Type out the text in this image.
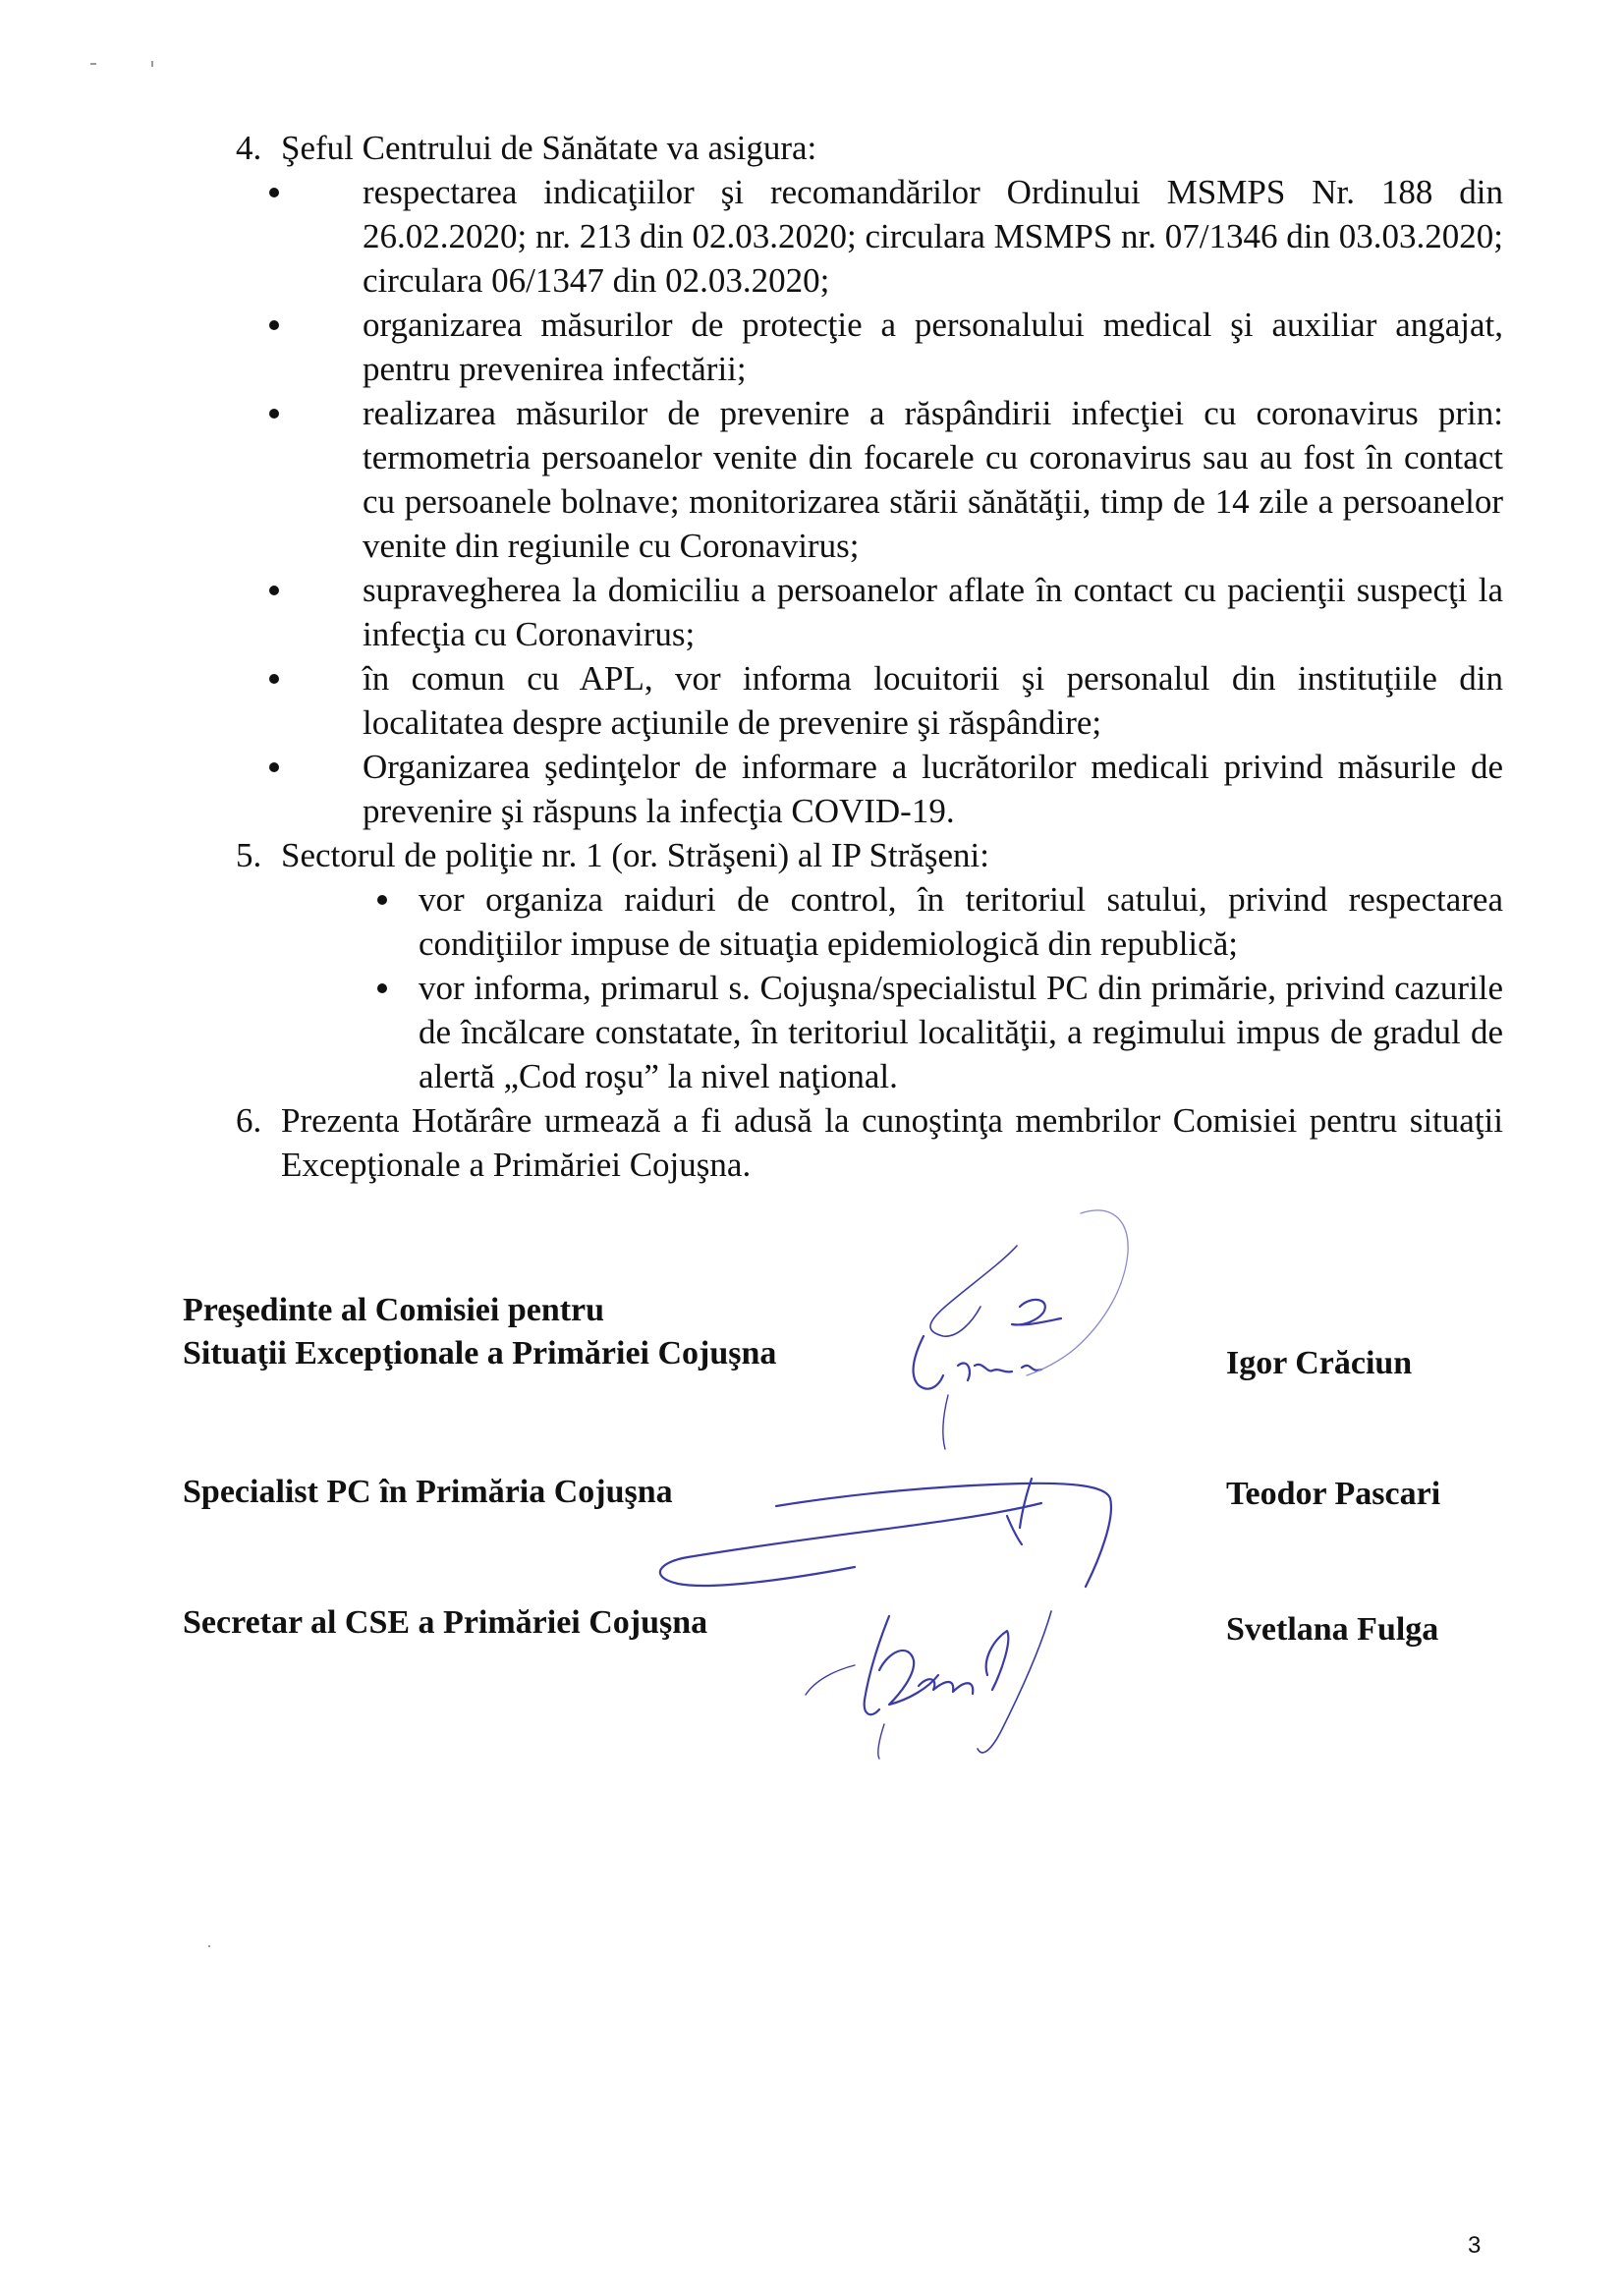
4. Şeful Centrului de Sănătate va asigura:
respectarea indicaţiilor şi recomandărilor Ordinului MSMPS Nr. 188 din 26.02.2020; nr. 213 din 02.03.2020; circulara MSMPS nr. 07/1346 din 03.03.2020; circulara 06/1347 din 02.03.2020;
organizarea măsurilor de protecţie a personalului medical şi auxiliar angajat, pentru prevenirea infectării;
realizarea măsurilor de prevenire a răspândirii infecţiei cu coronavirus prin: termometria persoanelor venite din focarele cu coronavirus sau au fost în contact cu persoanele bolnave; monitorizarea stării sănătăţii, timp de 14 zile a persoanelor venite din regiunile cu Coronavirus;
supravegherea la domiciliu a persoanelor aflate în contact cu pacienţii suspecţi la infecţia cu Coronavirus;
în comun cu APL, vor informa locuitorii şi personalul din instituţiile din localitatea despre acţiunile de prevenire şi răspândire;
Organizarea şedinţelor de informare a lucrătorilor medicali privind măsurile de prevenire şi răspuns la infecţia COVID-19.
5. Sectorul de poliţie nr. 1 (or. Străşeni) al IP Străşeni:
vor organiza raiduri de control, în teritoriul satului, privind respectarea condiţiilor impuse de situaţia epidemiologică din republică;
vor informa, primarul s. Cojuşna/specialistul PC din primărie, privind cazurile de încălcare constatate, în teritoriul localităţii, a regimului impus de gradul de alertă „Cod roşu” la nivel naţional.
6. Prezenta Hotărâre urmează a fi adusă la cunoştinţa membrilor Comisiei pentru situaţii Excepţionale a Primăriei Cojuşna.
Preşedinte al Comisiei pentru
Situaţii Excepţionale a Primăriei Cojuşna	Igor Crăciun
Specialist PC în Primăria Cojuşna	Teodor Pascari
Secretar al CSE a Primăriei Cojuşna	Svetlana Fulga
3
